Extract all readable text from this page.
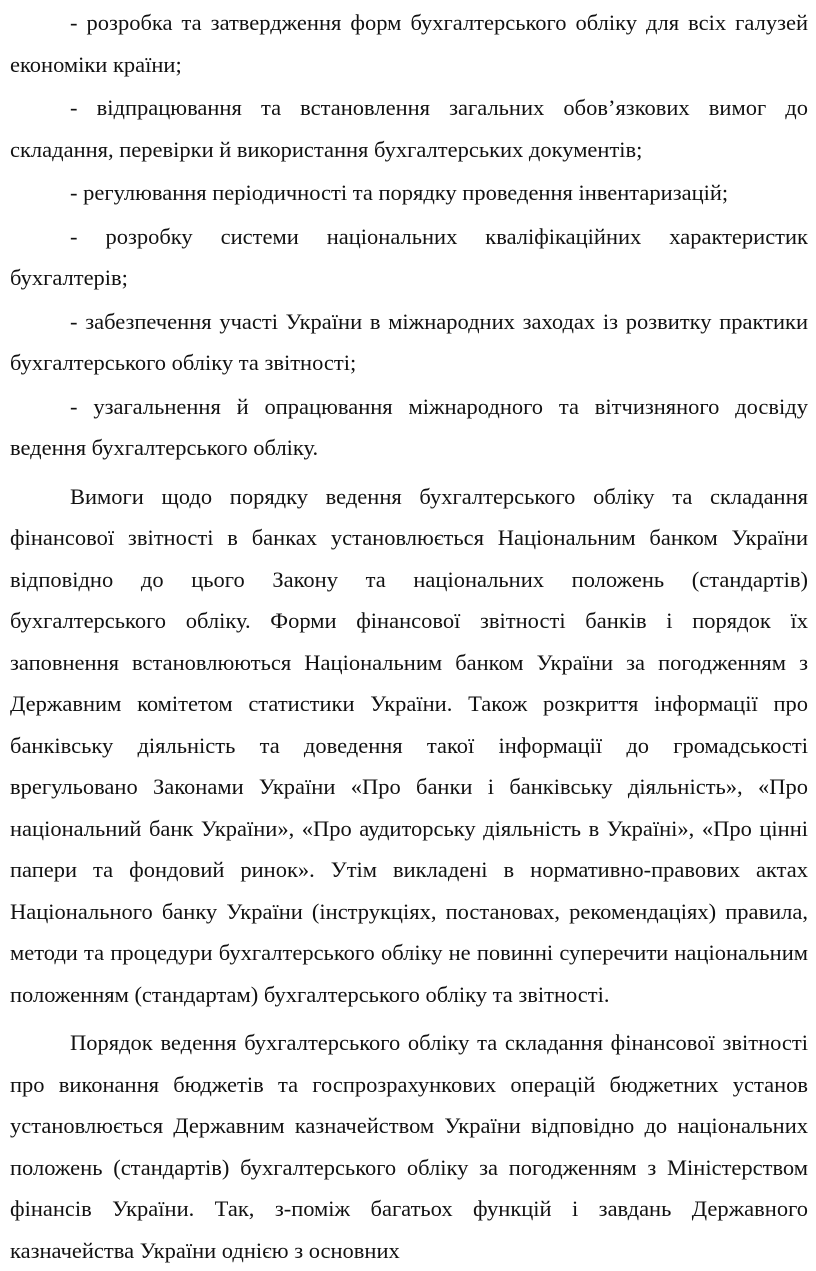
- розробка та затвердження форм бухгалтерського обліку для всіх галузей економіки країни;

- відпрацювання та встановлення загальних обов’язкових вимог до складання, перевірки й використання бухгалтерських документів;

- регулювання періодичності та порядку проведення інвентаризацій;

- розробку системи національних кваліфікаційних характеристик бухгалтерів;

- забезпечення участі України в міжнародних заходах із розвитку практики бухгалтерського обліку та звітності;

- узагальнення й опрацювання міжнародного та вітчизняного досвіду ведення бухгалтерського обліку.

Вимоги щодо порядку ведення бухгалтерського обліку та складання фінансової звітності в банках установлюється Національним банком України відповідно до цього Закону та національних положень (стандартів) бухгалтерського обліку. Форми фінансової звітності банків і порядок їх заповнення встановлюються Національним банком України за погодженням з Державним комітетом статистики України. Також розкриття інформації про банківську діяльність та доведення такої інформації до громадськості врегульовано Законами України «Про банки і банківську діяльність», «Про національний банк України», «Про аудиторську діяльність в Україні», «Про цінні папери та фондовий ринок». Утім викладені в нормативно-правових актах Національного банку України (інструкціях, постановах, рекомендаціях) правила, методи та процедури бухгалтерського обліку не повинні суперечити національним положенням (стандартам) бухгалтерського обліку та звітності.

Порядок ведення бухгалтерського обліку та складання фінансової звітності про виконання бюджетів та госпрозрахункових операцій бюджетних установ установлюється Державним казначейством України відповідно до національних положень (стандартів) бухгалтерського обліку за погодженням з Міністерством фінансів України. Так, з-поміж багатьох функцій і завдань Державного казначейства України однією з основних
